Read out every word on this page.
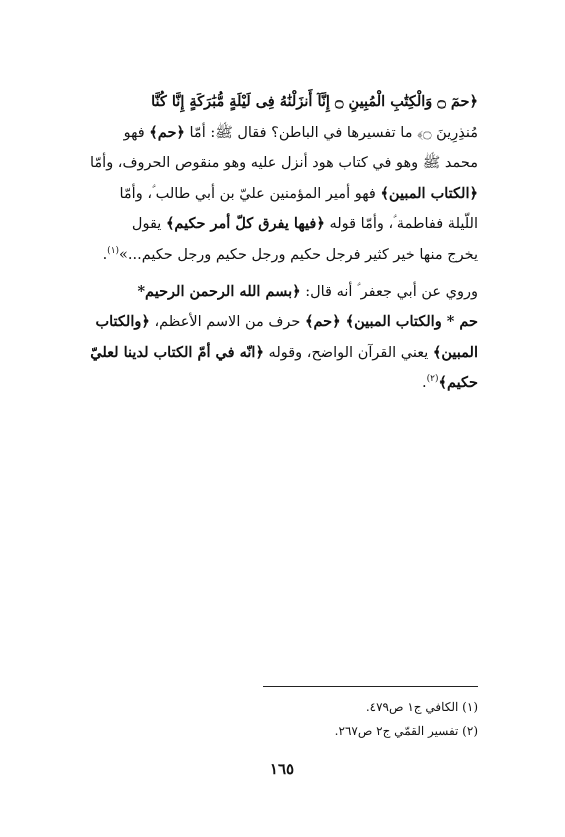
﴿حمٓ ۝ وَالْكِتَٰبِ الْمُبِينِ ۝ إِنَّآ أَنزَلْنَٰهُ فِى لَيْلَةٍ مُّبَٰرَكَةٍ إِنَّا كُنَّا
مُنذِرِينَ ۝﴾ ما تفسيرها في الباطن؟ فقال ﷺ: أمّا ﴿حم﴾ فهو
محمد ﷺ وهو في كتاب هود أنزل عليه وهو منقوص الحروف، وأمّا
﴿الكتاب المبين﴾ فهو أمير المؤمنين عليّ بن أبي طالب ؑ، وأمّا
اللّيلة ففاطمة ؑ، وأمّا قوله ﴿فيها يفرق كلّ أمر حكيم﴾ يقول
يخرج منها خير كثير فرجل حكيم ورجل حكيم ورجل حكيم...»$^{(١)}$.
وروي عن أبي جعفر ؑ أنه قال: ﴿بسم الله الرحمن الرحيم*
حم * والكتاب المبين﴾ ﴿حم﴾ حرف من الاسم الأعظم، ﴿والكتاب
المبين﴾ يعني القرآن الواضح، وقوله ﴿انّه في أمّ الكتاب لدينا لعليّ
حكيم﴾$^{(٢)}$.
(١) الكافي ج١ ص٤٧٩.
(٢) تفسير القمّي ج٢ ص٢٦٧.
١٦٥
